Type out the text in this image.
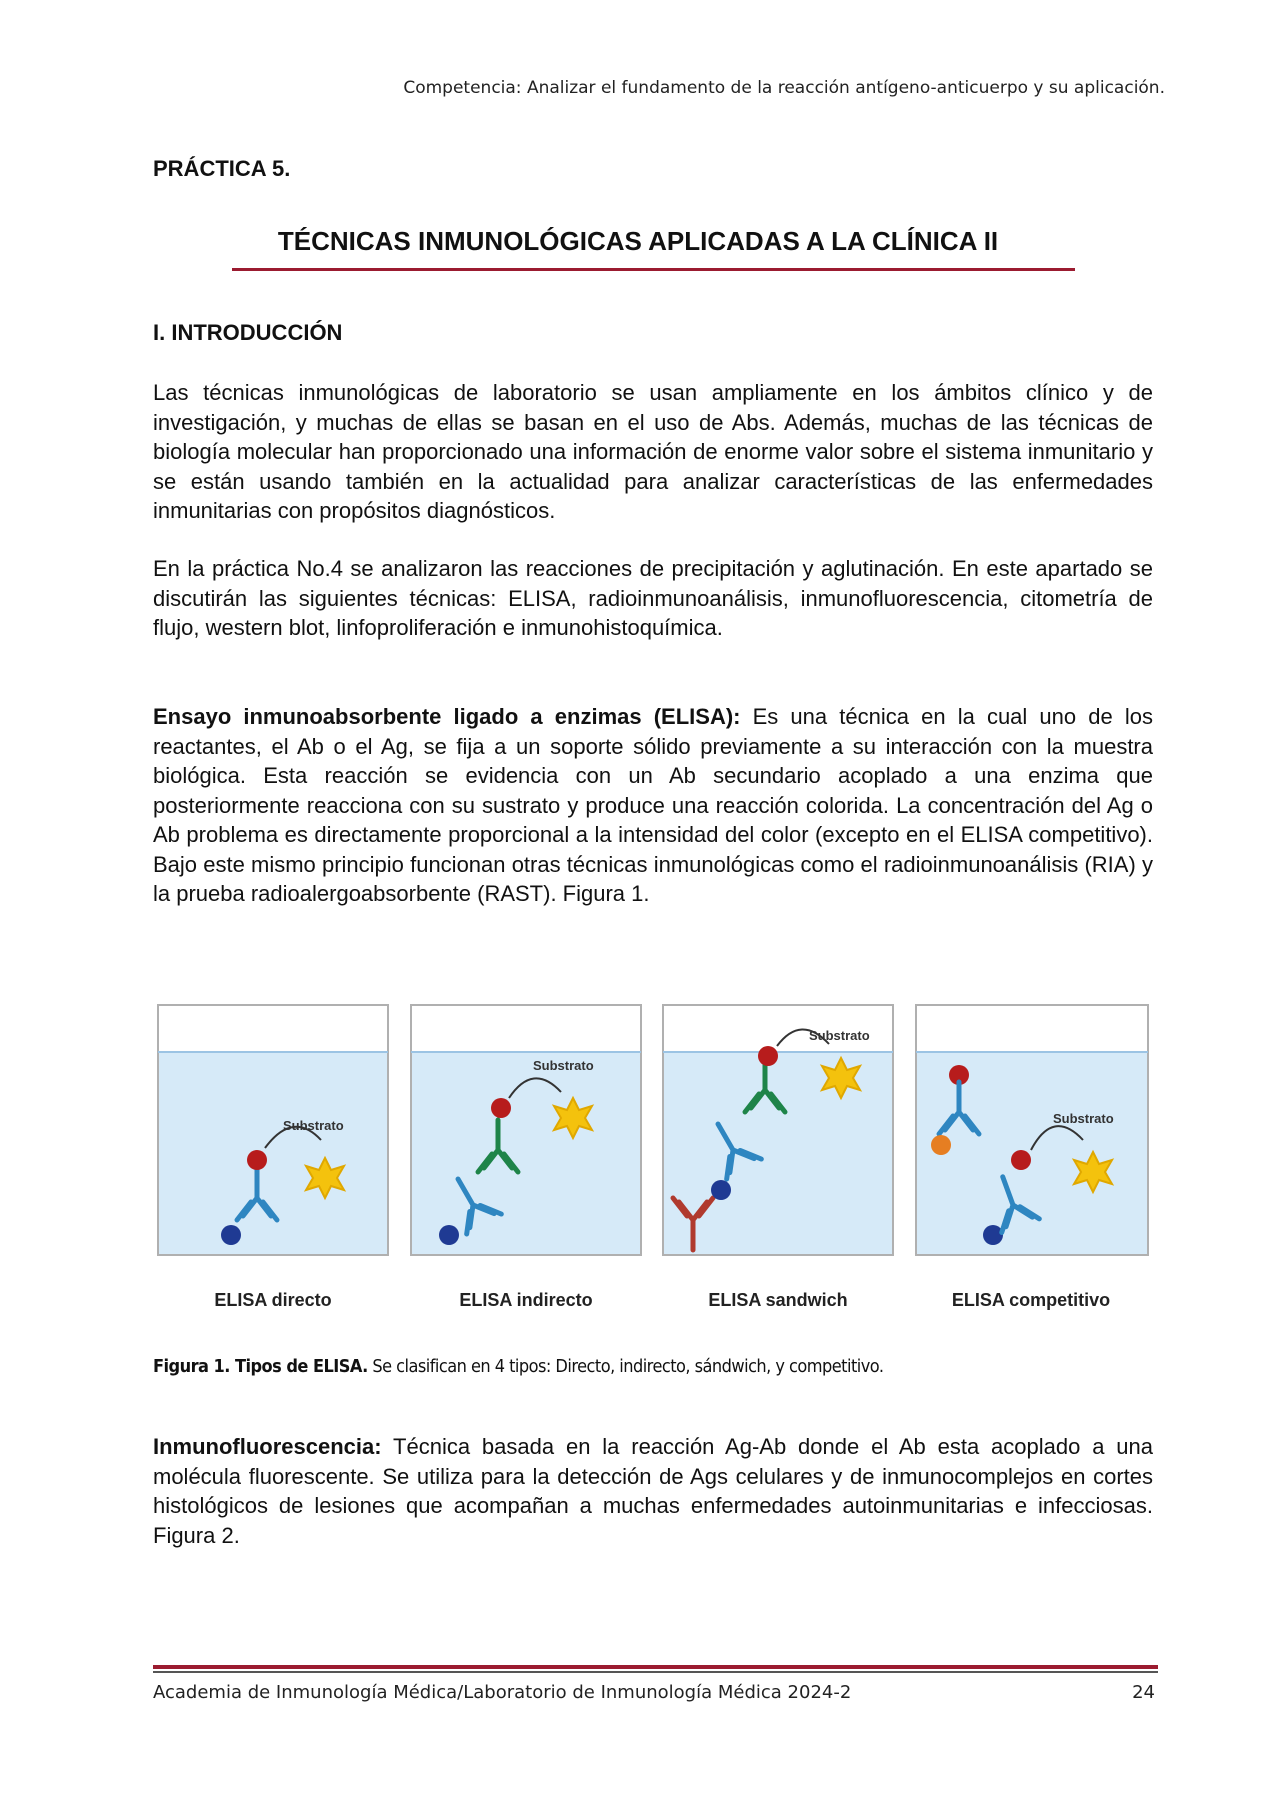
Competencia: Analizar el fundamento de la reacción antígeno-anticuerpo y su aplicación.
PRÁCTICA 5.
TÉCNICAS INMUNOLÓGICAS APLICADAS A LA CLÍNICA II
I. INTRODUCCIÓN

Las técnicas inmunológicas de laboratorio se usan ampliamente en los ámbitos clínico y de investigación, y muchas de ellas se basan en el uso de Abs. Además, muchas de las técnicas de biología molecular han proporcionado una información de enorme valor sobre el sistema inmunitario y se están usando también en la actualidad para analizar características de las enfermedades inmunitarias con propósitos diagnósticos.

En la práctica No.4 se analizaron las reacciones de precipitación y aglutinación. En este apartado se discutirán las siguientes técnicas: ELISA, radioinmunoanálisis, inmunofluorescencia, citometría de flujo, western blot, linfoproliferación e inmunohistoquímica.

Ensayo inmunoabsorbente ligado a enzimas (ELISA): Es una técnica en la cual uno de los reactantes, el Ab o el Ag, se fija a un soporte sólido previamente a su interacción con la muestra biológica. Esta reacción se evidencia con un Ab secundario acoplado a una enzima que posteriormente reacciona con su sustrato y produce una reacción colorida. La concentración del Ag o Ab problema es directamente proporcional a la intensidad del color (excepto en el ELISA competitivo). Bajo este mismo principio funcionan otras técnicas inmunológicas como el radioinmunoanálisis (RIA) y la prueba radioalergoabsorbente (RAST). Figura 1.

Substrato
Substrato
Substrato
Substrato
ELISA directo	ELISA indirecto	ELISA sandwich	ELISA competitivo
Figura 1. Tipos de ELISA. Se clasifican en 4 tipos: Directo, indirecto, sándwich, y competitivo.

Inmunofluorescencia: Técnica basada en la reacción Ag-Ab donde el Ab esta acoplado a una molécula fluorescente. Se utiliza para la detección de Ags celulares y de inmunocomplejos en cortes histológicos de lesiones que acompañan a muchas enfermedades autoinmunitarias e infecciosas. Figura 2.

Academia de Inmunología Médica/Laboratorio de Inmunología Médica 2024-2	24
